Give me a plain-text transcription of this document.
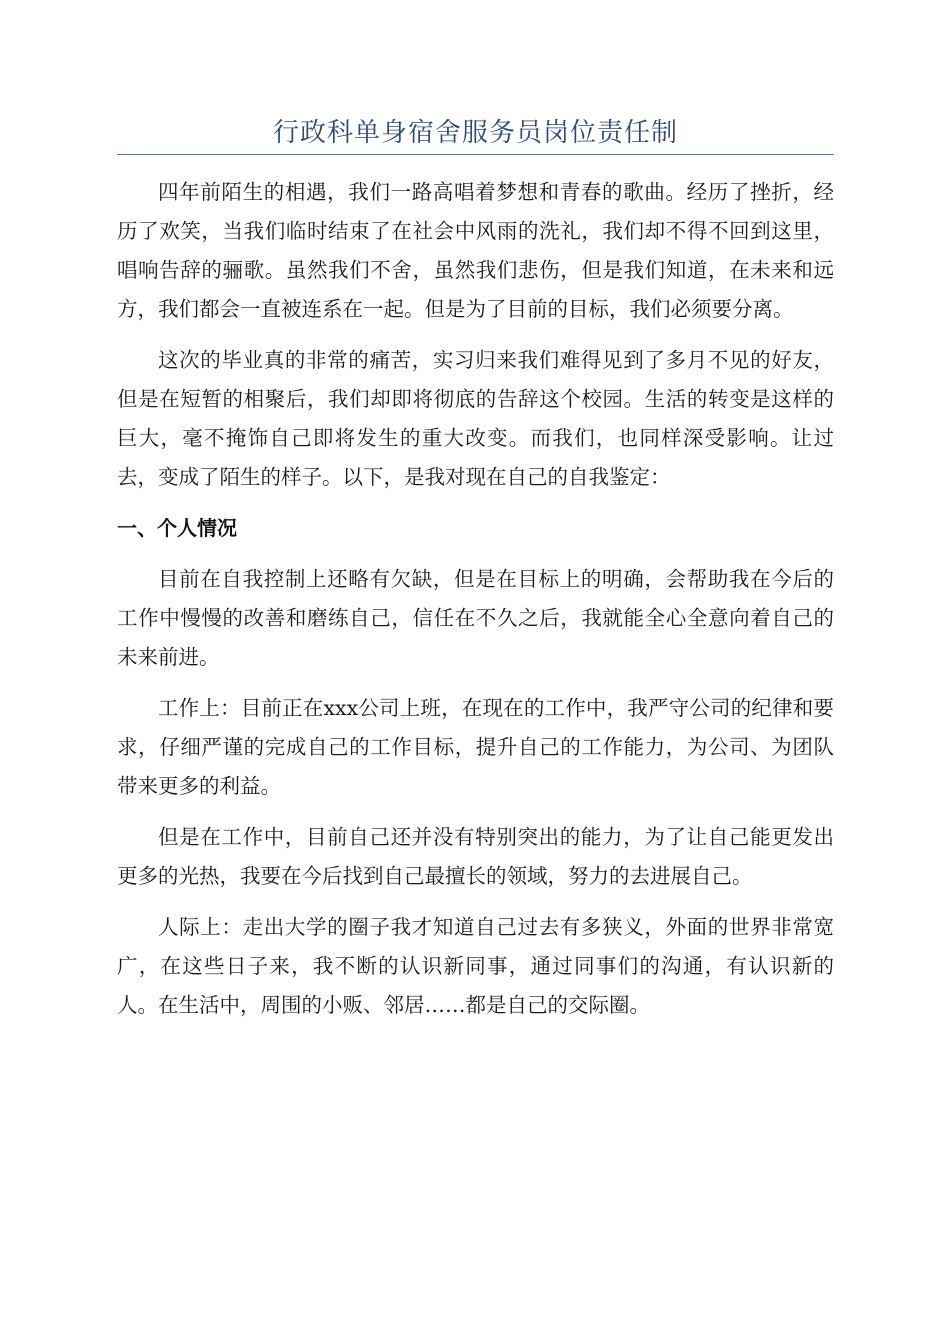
行政科单身宿舍服务员岗位责任制

四年前陌生的相遇，我们一路高唱着梦想和青春的歌曲。经历了挫折，经历了欢笑，当我们临时结束了在社会中风雨的洗礼，我们却不得不回到这里，唱响告辞的骊歌。虽然我们不舍，虽然我们悲伤，但是我们知道，在未来和远方，我们都会一直被连系在一起。但是为了目前的目标，我们必须要分离。

这次的毕业真的非常的痛苦，实习归来我们难得见到了多月不见的好友，但是在短暂的相聚后，我们却即将彻底的告辞这个校园。生活的转变是这样的巨大，毫不掩饰自己即将发生的重大改变。而我们，也同样深受影响。让过去，变成了陌生的样子。以下，是我对现在自己的自我鉴定：

一、个人情况

目前在自我控制上还略有欠缺，但是在目标上的明确，会帮助我在今后的工作中慢慢的改善和磨练自己，信任在不久之后，我就能全心全意向着自己的未来前进。

工作上：目前正在xxx公司上班，在现在的工作中，我严守公司的纪律和要求，仔细严谨的完成自己的工作目标，提升自己的工作能力，为公司、为团队带来更多的利益。

但是在工作中，目前自己还并没有特别突出的能力，为了让自己能更发出更多的光热，我要在今后找到自己最擅长的领域，努力的去进展自己。

人际上：走出大学的圈子我才知道自己过去有多狭义，外面的世界非常宽广，在这些日子来，我不断的认识新同事，通过同事们的沟通，有认识新的人。在生活中，周围的小贩、邻居……都是自己的交际圈。
